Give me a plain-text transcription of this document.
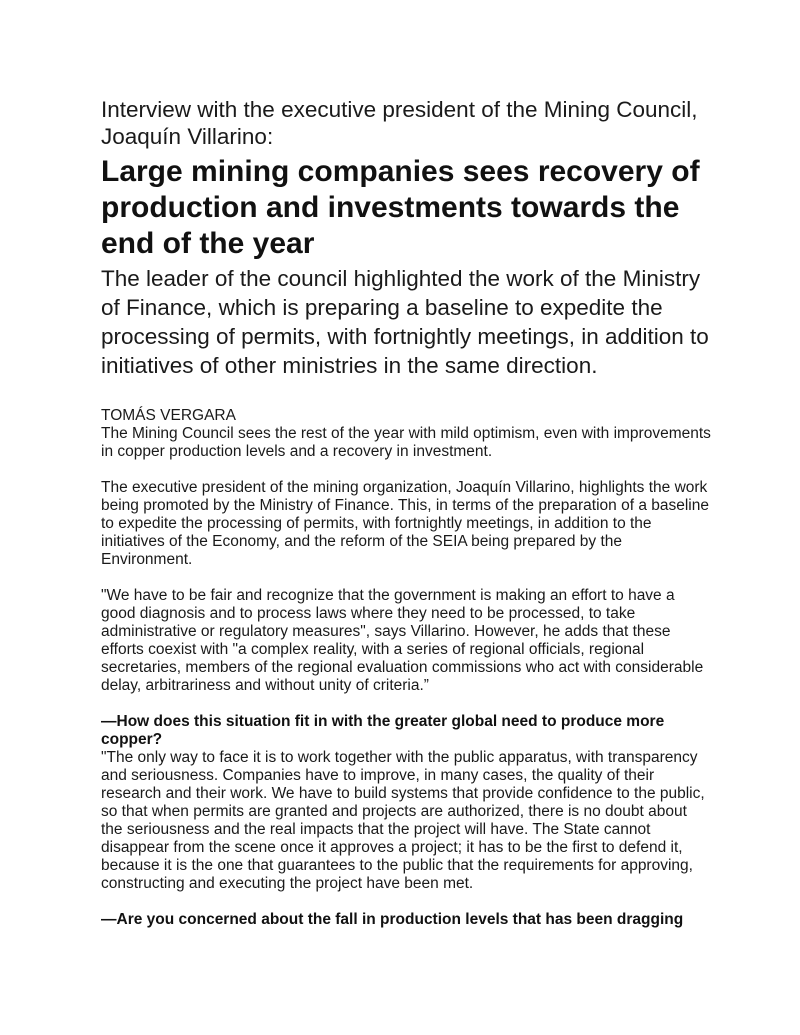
Interview with the executive president of the Mining Council, Joaquín Villarino:

Large mining companies sees recovery of production and investments towards the end of the year

The leader of the council highlighted the work of the Ministry of Finance, which is preparing a baseline to expedite the processing of permits, with fortnightly meetings, in addition to initiatives of other ministries in the same direction.

TOMÁS VERGARA

The Mining Council sees the rest of the year with mild optimism, even with improvements in copper production levels and a recovery in investment.

The executive president of the mining organization, Joaquín Villarino, highlights the work being promoted by the Ministry of Finance. This, in terms of the preparation of a baseline to expedite the processing of permits, with fortnightly meetings, in addition to the initiatives of the Economy, and the reform of the SEIA being prepared by the Environment.

"We have to be fair and recognize that the government is making an effort to have a good diagnosis and to process laws where they need to be processed, to take administrative or regulatory measures", says Villarino. However, he adds that these efforts coexist with "a complex reality, with a series of regional officials, regional secretaries, members of the regional evaluation commissions who act with considerable delay, arbitrariness and without unity of criteria.”

—How does this situation fit in with the greater global need to produce more copper?

"The only way to face it is to work together with the public apparatus, with transparency and seriousness. Companies have to improve, in many cases, the quality of their research and their work. We have to build systems that provide confidence to the public, so that when permits are granted and projects are authorized, there is no doubt about the seriousness and the real impacts that the project will have. The State cannot disappear from the scene once it approves a project; it has to be the first to defend it, because it is the one that guarantees to the public that the requirements for approving, constructing and executing the project have been met.

—Are you concerned about the fall in production levels that has been dragging
